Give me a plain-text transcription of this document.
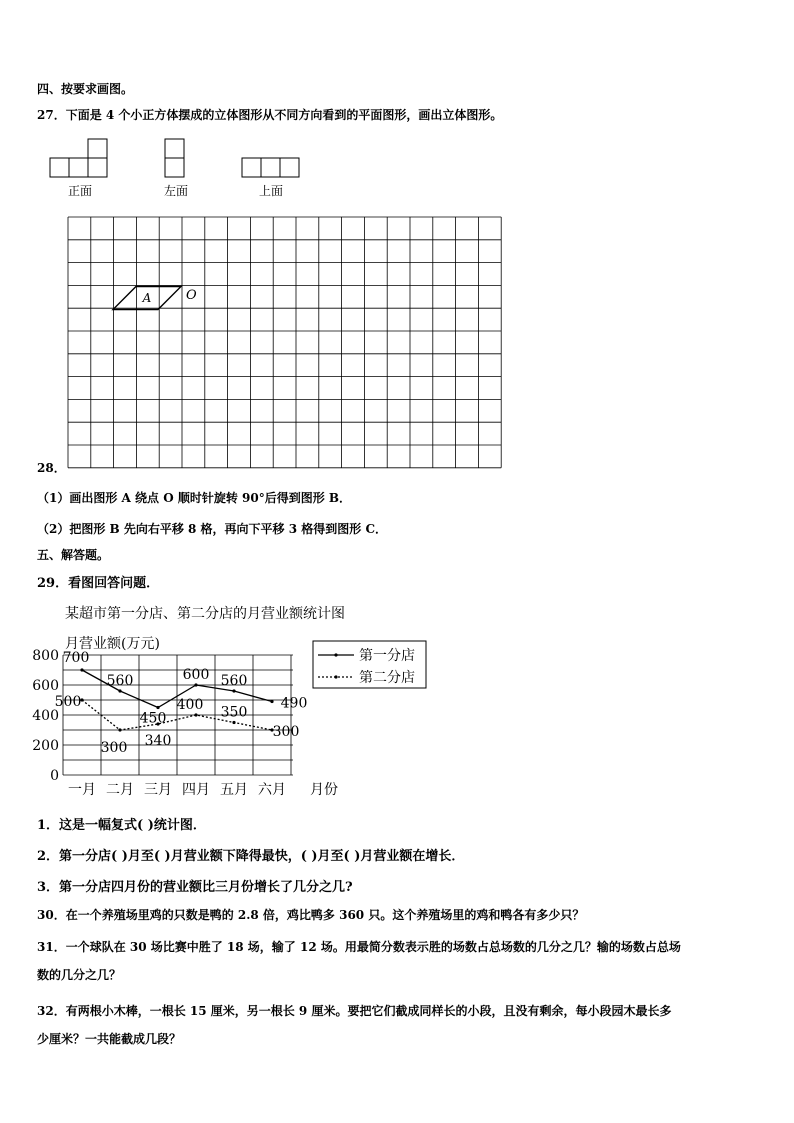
四、按要求画图。
27．下面是 4 个小正方体摆成的立体图形从不同方向看到的平面图形，画出立体图形。
正面	左面	上面
A	O
28．
（1）画出图形 A 绕点 O 顺时针旋转 90°后得到图形 B．
（2）把图形 B 先向右平移 8 格，再向下平移 3 格得到图形 C．
五、解答题。
29．看图回答问题．
某超市第一分店、第二分店的月营业额统计图
月营业额(万元)
0
200
400
600
800
一月 二月 三月 四月 五月 六月 月份
700
560
450
600 560
490
500
300 340
400 350
300
第一分店
第二分店
1．这是一幅复式( )统计图．
2．第一分店( )月至( )月营业额下降得最快，( )月至( )月营业额在增长．
3．第一分店四月份的营业额比三月份增长了几分之几?
30．在一个养殖场里鸡的只数是鸭的 2.8 倍，鸡比鸭多 360 只。这个养殖场里的鸡和鸭各有多少只？
31．一个球队在 30 场比赛中胜了 18 场，输了 12 场。用最简分数表示胜的场数占总场数的几分之几？输的场数占总场
数的几分之几？
32．有两根小木棒，一根长 15 厘米，另一根长 9 厘米。要把它们截成同样长的小段，且没有剩余，每小段园木最长多
少厘米？一共能截成几段？
